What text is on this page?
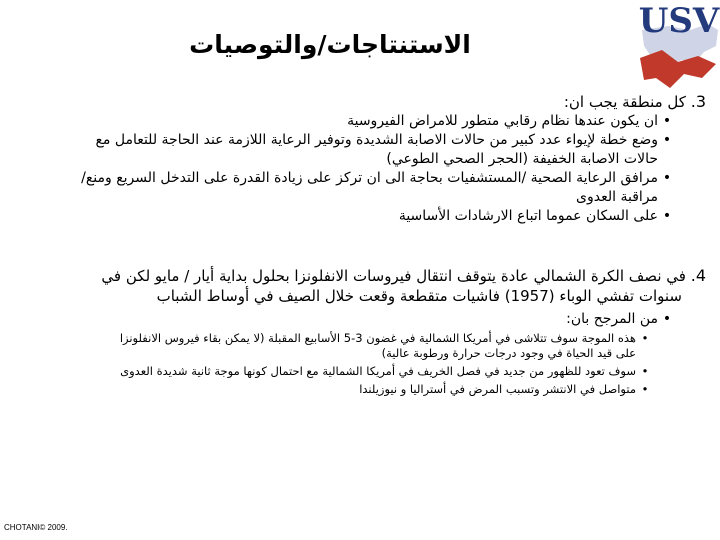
USV
الاستنتاجات/والتوصيات
3. كل منطقة يجب ان:
•ان يكون عندها نظام رقابي متطور للامراض الفيروسية
•وضع خطة لإيواء عدد كبير من حالات الاصابة الشديدة وتوفير الرعاية اللازمة عند الحاجة للتعامل مع
حالات الاصابة الخفيفة (الحجر الصحي الطوعي)
•مرافق الرعاية الصحية /المستشفيات بحاجة الى ان تركز على زيادة القدرة على التدخل السريع ومنع/
مراقبة العدوى
•على السكان عموما اتباع الارشادات الأساسية
4. في نصف الكرة الشمالي عادة يتوقف انتقال فيروسات الانفلونزا بحلول بداية أيار / مايو لكن في
سنوات تفشي الوباء (1957) فاشيات متقطعة وقعت خلال الصيف في أوساط الشباب
•من المرجح بان:
•هذه الموجة سوف تتلاشى في أمريكا الشمالية في غضون 3-5 الأسابيع المقبلة (لا يمكن بقاء فيروس الانفلونزا
على قيد الحياة في وجود درجات حرارة ورطوبة عالية)
•سوف تعود للظهور من جديد في فصل الخريف في أمريكا الشمالية مع احتمال كونها موجة ثانية شديدة العدوى
•متواصل في الانتشر وتسبب المرض في أستراليا و نيوزيلندا
CHOTANI© 2009.
